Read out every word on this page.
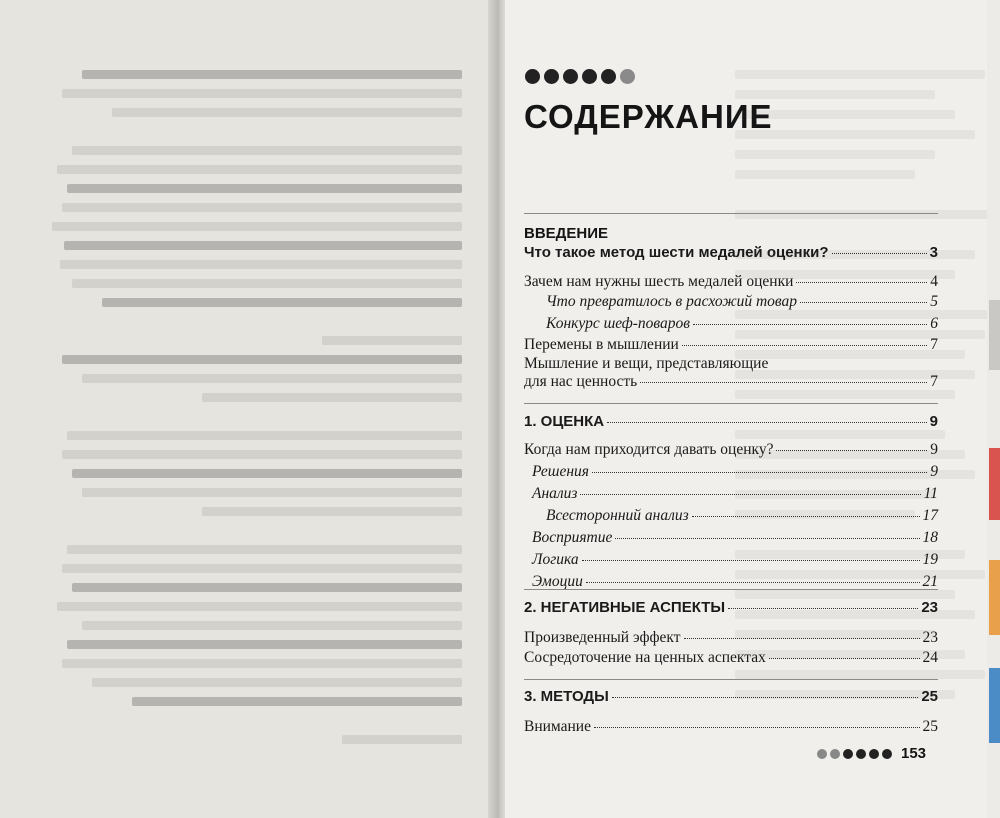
СОДЕРЖАНИЕ
ВВЕДЕНИЕ
Что такое метод шести медалей оценки?	3
Зачем нам нужны шесть медалей оценки	4
Что превратилось в расхожий товар	5
Конкурс шеф-поваров	6
Перемены в мышлении	7
Мышление и вещи, представляющие
для нас ценность	7
1. ОЦЕНКА	9
Когда нам приходится давать оценку?	9
Решения	9
Анализ	11
Всесторонний анализ	17
Восприятие	18
Логика	19
Эмоции	21
2. НЕГАТИВНЫЕ АСПЕКТЫ	23
Произведенный эффект	23
Сосредоточение на ценных аспектах	24
3. МЕТОДЫ	25
Внимание	25
153
